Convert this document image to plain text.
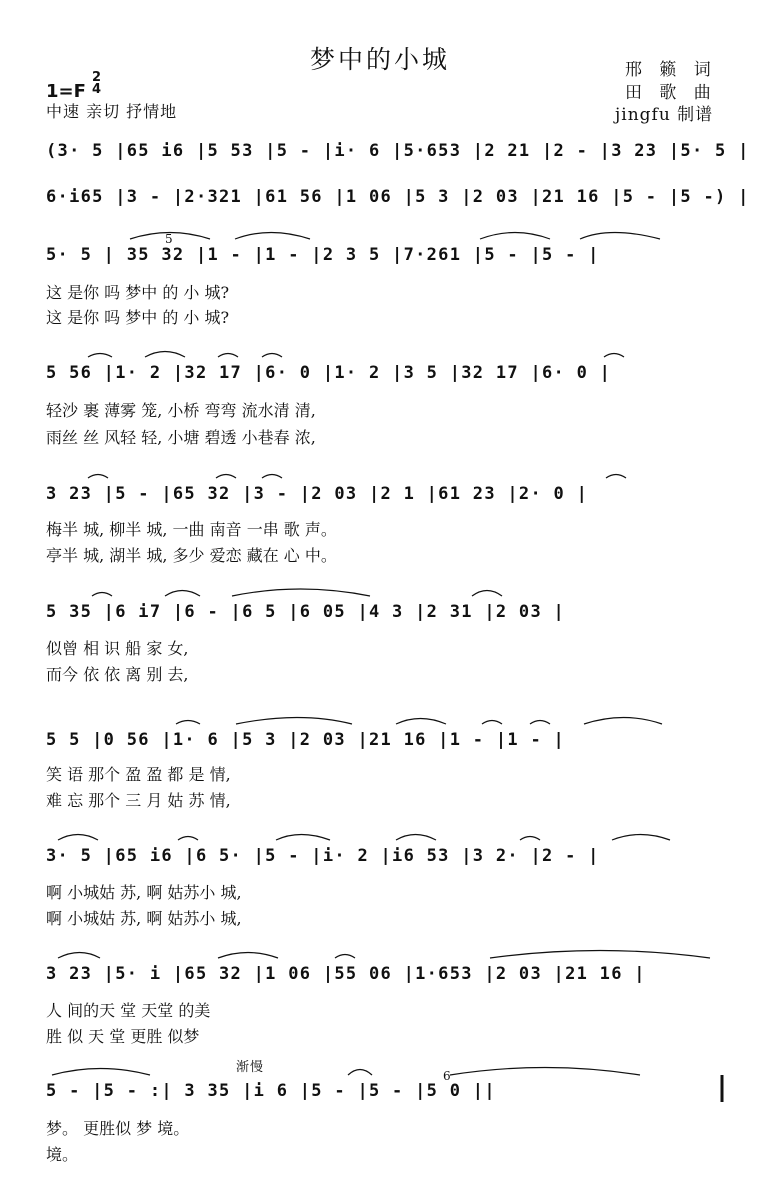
梦中的小城	邢 籁 词
田 歌 曲
jingfu 制谱
1=F
2
4
中速 亲切 抒情地
(3· 5 |65 i6 |5 53 |5 - |i· 6 |5·653 |2 21 |2 - |3 23 |5· 5 |
6·i65 |3 - |2·321 |61 56 |1 06 |5 3 |2 03 |21 16 |5 - |5 -) |
5· 5 | 35 32 |1 - |1 - |2 3 5 |7·261 |5 - |5 - |
5
这 是你 吗 梦中 的 小 城?
这 是你 吗 梦中 的 小 城?
5 56 |1· 2 |32 17 |6· 0 |1· 2 |3 5 |32 17 |6· 0 |
轻沙 裹 薄雾 笼, 小桥 弯弯 流水清 清,
雨丝 丝 风轻 轻, 小塘 碧透 小巷春 浓,
3 23 |5 - |65 32 |3 - |2 03 |2 1 |61 23 |2· 0 |
梅半 城, 柳半 城, 一曲 南音 一串 歌 声。
亭半 城, 湖半 城, 多少 爱恋 藏在 心 中。
5 35 |6 i7 |6 - |6 5 |6 05 |4 3 |2 31 |2 03 |
似曾 相 识 船 家 女,
而今 依 依 离 别 去,
5 5 |0 56 |1· 6 |5 3 |2 03 |21 16 |1 - |1 - |
笑 语 那个 盈 盈 都 是 情,
难 忘 那个 三 月 姑 苏 情,
3· 5 |65 i6 |6 5· |5 - |i· 2 |i6 53 |3 2· |2 - |
啊 小城姑 苏, 啊 姑苏小 城,
啊 小城姑 苏, 啊 姑苏小 城,
3 23 |5· i |65 32 |1 06 |55 06 |1·653 |2 03 |21 16 |
人 间的天 堂 天堂 的美
胜 似 天 堂 更胜 似梦
渐慢
6
5 - |5 - :| 3 35 |i 6 |5 - |5 - |5 0 ||
梦。 更胜似 梦 境。
境。
